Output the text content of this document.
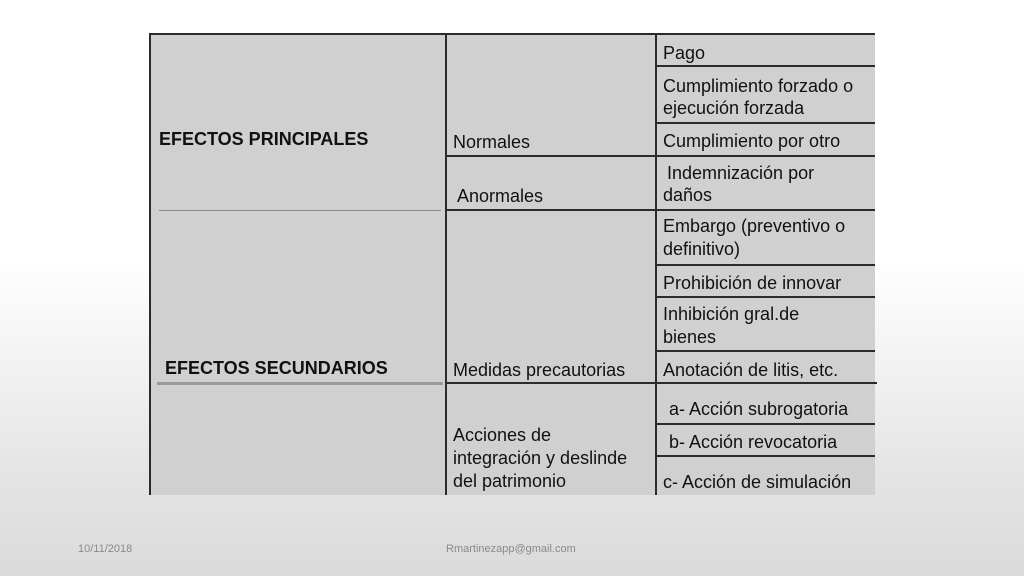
EFECTOS PRINCIPALES
EFECTOS SECUNDARIOS
Normales
Anormales
Medidas precautorias
Acciones de
integración y deslinde
del patrimonio
Pago
Cumplimiento forzado o
ejecución forzada
Cumplimiento por otro
Indemnización por
daños
Embargo (preventivo o
definitivo)
Prohibición de innovar
Inhibición gral.de
bienes
Anotación de litis, etc.
a- Acción subrogatoria
b- Acción revocatoria
c- Acción de simulación
10/11/2018	Rmartinezapp@gmail.com
